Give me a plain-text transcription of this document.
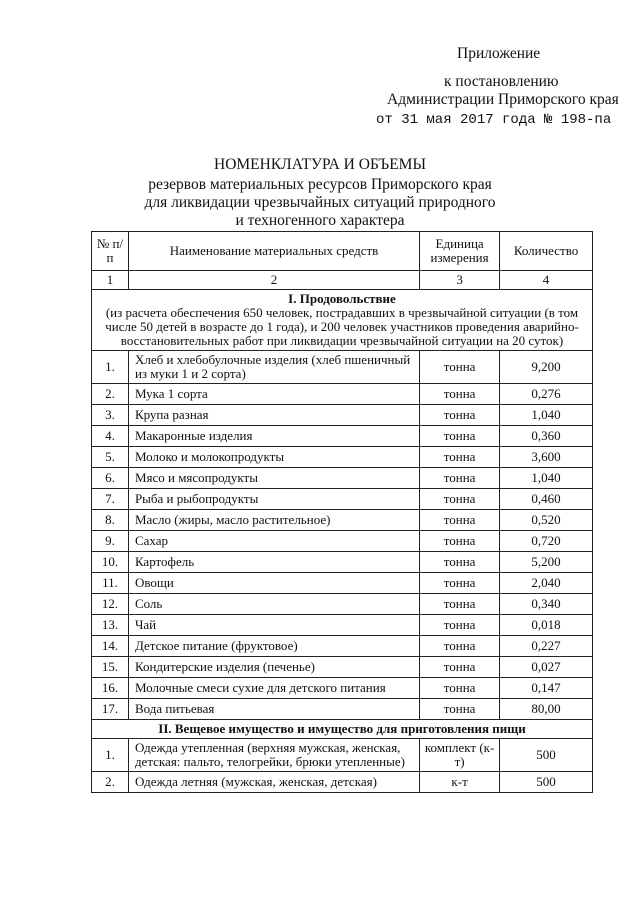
Приложение
к постановлению
Администрации Приморского края
от 31 мая 2017 года № 198-па
НОМЕНКЛАТУРА И ОБЪЕМЫ
резервов материальных ресурсов Приморского края
для ликвидации чрезвычайных ситуаций природного
и техногенного характера
№ п/п	Наименование материальных средств	Единица измерения	Количество
1	2	3	4
I. Продовольствие
(из расчета обеспечения 650 человек, пострадавших в чрезвычайной ситуации (в том числе 50 детей в возрасте до 1 года), и 200 человек участников проведения аварийно-восстановительных работ при ликвидации чрезвычайной ситуации на 20 суток)			
1.	Хлеб и хлебобулочные изделия (хлеб пшеничный из муки 1 и 2 сорта)	тонна	9,200
2.	Мука 1 сорта	тонна	0,276
3.	Крупа разная	тонна	1,040
4.	Макаронные изделия	тонна	0,360
5.	Молоко и молокопродукты	тонна	3,600
6.	Мясо и мясопродукты	тонна	1,040
7.	Рыба и рыбопродукты	тонна	0,460
8.	Масло (жиры, масло растительное)	тонна	0,520
9.	Сахар	тонна	0,720
10.	Картофель	тонна	5,200
11.	Овощи	тонна	2,040
12.	Соль	тонна	0,340
13.	Чай	тонна	0,018
14.	Детское питание (фруктовое)	тонна	0,227
15.	Кондитерские изделия (печенье)	тонна	0,027
16.	Молочные смеси сухие для детского питания	тонна	0,147
17.	Вода питьевая	тонна	80,00
II. Вещевое имущество и имущество для приготовления пищи			
1.	Одежда утепленная (верхняя мужская, женская, детская: пальто, телогрейки, брюки утепленные)	комплект (к-т)	500
2.	Одежда летняя (мужская, женская, детская)	к-т	500
